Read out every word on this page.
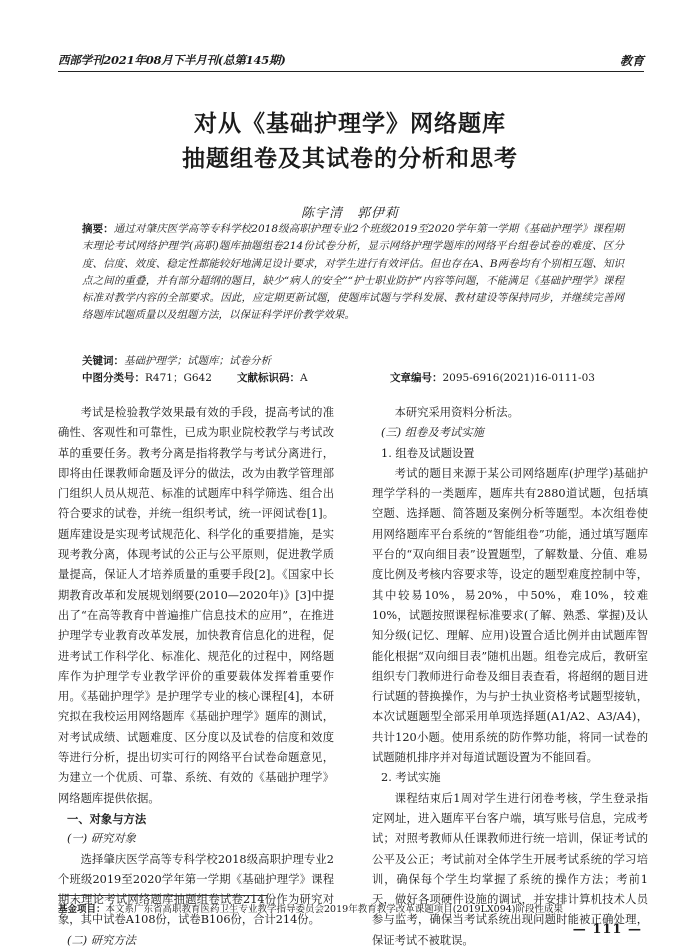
西部学刊2021年08月下半月刊(总第145期)	教育
对从《基础护理学》网络题库
抽题组卷及其试卷的分析和思考
陈宇清　郭伊莉
摘要：通过对肇庆医学高等专科学校2018级高职护理专业2个班级2019至2020学年第一学期《基础护理学》课程期末理论考试网络护理学(高职)题库抽题组卷214份试卷分析，显示网络护理学题库的网络平台组卷试卷的难度、区分度、信度、效度、稳定性都能较好地满足设计要求，对学生进行有效评估。但也存在A、B两卷均有个别相互题、知识点之间的重叠，并有部分超纲的题目，缺少“病人的安全”“护士职业防护”内容等问题，不能满足《基础护理学》课程标准对教学内容的全部要求。因此，应定期更新试题，使题库试题与学科发展、教材建设等保持同步，并继续完善网络题库试题质量以及组题方法，以保证科学评价教学效果。
关键词：基础护理学；试题库；试卷分析
中图分类号：R471；G642 文献标识码：A	文章编号：2095-6916(2021)16-0111-03

考试是检验教学效果最有效的手段，提高考试的准确性、客观性和可靠性，已成为职业院校教学与考试改革的重要任务。教考分离是指将教学与考试分离进行，即将由任课教师命题及评分的做法，改为由教学管理部门组织人员从规范、标准的试题库中科学筛选、组合出符合要求的试卷，并统一组织考试，统一评阅试卷[1]。题库建设是实现考试规范化、科学化的重要措施，是实现考教分离，体现考试的公正与公平原则，促进教学质量提高，保证人才培养质量的重要手段[2]。《国家中长期教育改革和发展规划纲要(2010—2020年)》[3]中提出了“在高等教育中普遍推广信息技术的应用”，在推进护理学专业教育改革发展，加快教育信息化的进程，促进考试工作科学化、标准化、规范化的过程中，网络题库作为护理学专业教学评价的重要载体发挥着重要作用。《基础护理学》是护理学专业的核心课程[4]，本研究拟在我校运用网络题库《基础护理学》题库的测试，对考试成绩、试题难度、区分度以及试卷的信度和效度等进行分析，提出切实可行的网络平台试卷命题意见，为建立一个优质、可靠、系统、有效的《基础护理学》网络题库提供依据。

一、对象与方法

(一) 研究对象

选择肇庆医学高等专科学校2018级高职护理专业2个班级2019至2020学年第一学期《基础护理学》课程期末理论考试网络题库抽题组卷试卷214份作为研究对象，其中试卷A108份，试卷B106份，合计214份。

(二) 研究方法

本研究采用资料分析法。

(三) 组卷及考试实施

1. 组卷及试题设置

考试的题目来源于某公司网络题库(护理学)基础护理学学科的一类题库，题库共有2880道试题，包括填空题、选择题、简答题及案例分析等题型。本次组卷使用网络题库平台系统的“智能组卷”功能，通过填写题库平台的“双向细目表”设置题型，了解数量、分值、难易度比例及考核内容要求等，设定的题型难度控制中等，其中较易10%，易20%，中50%，难10%，较难10%，试题按照课程标准要求(了解、熟悉、掌握)及认知分级(记忆、理解、应用)设置合适比例并由试题库智能化根据“双向细目表”随机出题。组卷完成后，教研室组织专门教师进行命卷及细目表查看，将超纲的题目进行试题的替换操作，为与护士执业资格考试题型接轨，本次试题题型全部采用单项选择题(A1/A2、A3/A4)，共计120小题。使用系统的防作弊功能，将同一试卷的试题随机排序并对每道试题设置为不能回看。

2. 考试实施

课程结束后1周对学生进行闭卷考核，学生登录指定网址，进入题库平台客户端，填写账号信息，完成考试；对照考教师从任课教师进行统一培训，保证考试的公平及公正；考试前对全体学生开展考试系统的学习培训，确保每个学生均掌握了系统的操作方法；考前1天，做好各项硬件设施的调试，并安排计算机技术人员参与监考，确保当考试系统出现问题时能被正确处理，保证考试不被耽误。

基金项目：本文系广东省高职教育医药卫生专业教学指导委员会2019年教育教学改革课题项目(2019LX094)阶段性成果
— 111 —
